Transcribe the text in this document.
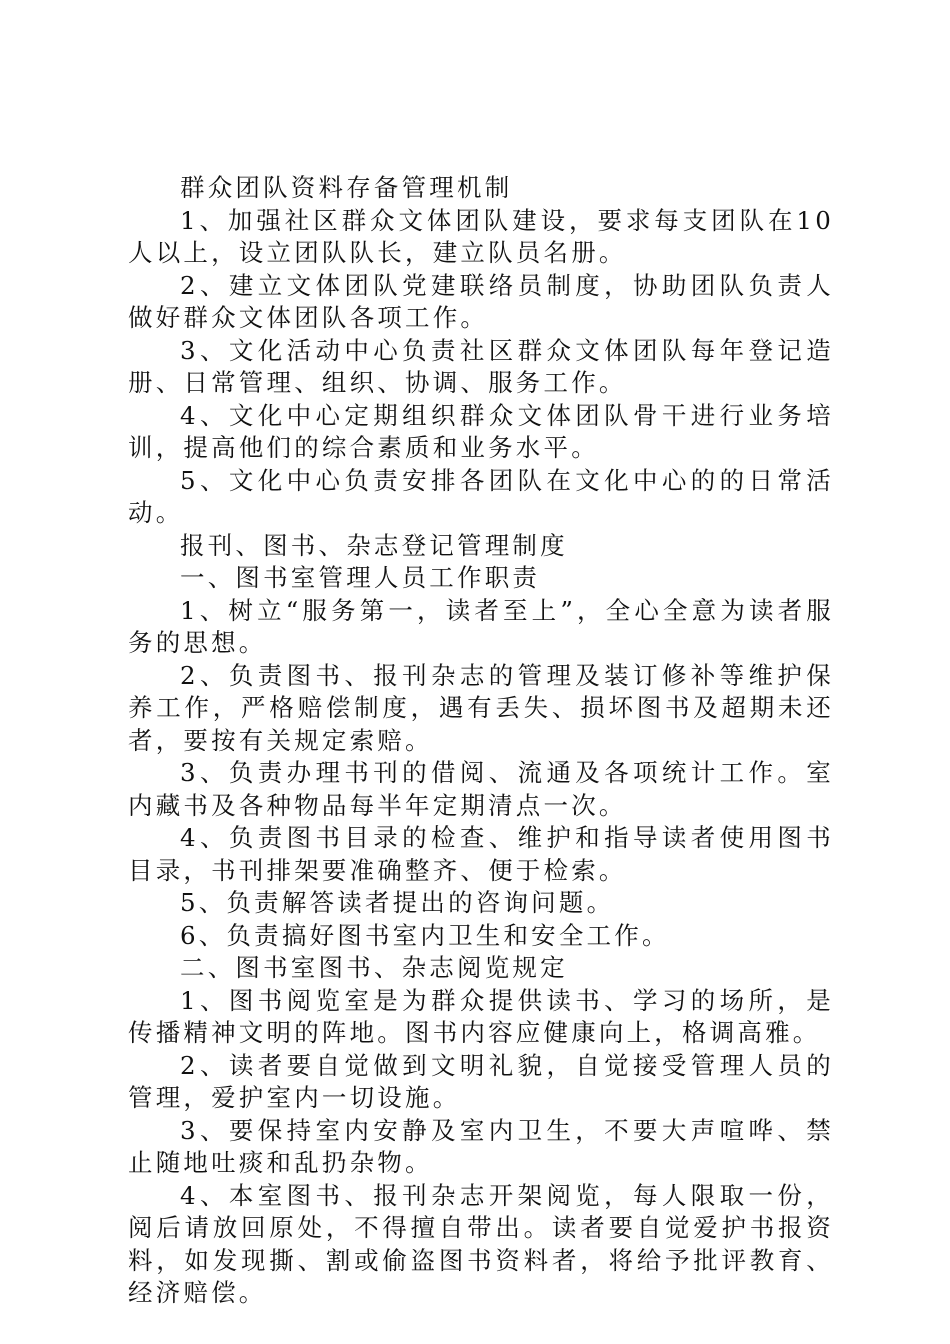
群众团队资料存备管理机制

1、加强社区群众文体团队建设，要求每支团队在10人以上，设立团队队长，建立队员名册。

2、建立文体团队党建联络员制度，协助团队负责人做好群众文体团队各项工作。

3、文化活动中心负责社区群众文体团队每年登记造册、日常管理、组织、协调、服务工作。

4、文化中心定期组织群众文体团队骨干进行业务培训，提高他们的综合素质和业务水平。

5、文化中心负责安排各团队在文化中心的的日常活动。

报刊、图书、杂志登记管理制度

一、图书室管理人员工作职责

1、树立“服务第一，读者至上”，全心全意为读者服务的思想。

2、负责图书、报刊杂志的管理及装订修补等维护保养工作，严格赔偿制度，遇有丢失、损坏图书及超期未还者，要按有关规定索赔。

3、负责办理书刊的借阅、流通及各项统计工作。室内藏书及各种物品每半年定期清点一次。

4、负责图书目录的检查、维护和指导读者使用图书目录，书刊排架要准确整齐、便于检索。

5、负责解答读者提出的咨询问题。

6、负责搞好图书室内卫生和安全工作。

二、图书室图书、杂志阅览规定

1、图书阅览室是为群众提供读书、学习的场所，是传播精神文明的阵地。图书内容应健康向上，格调高雅。

2、读者要自觉做到文明礼貌，自觉接受管理人员的管理，爱护室内一切设施。

3、要保持室内安静及室内卫生，不要大声喧哗、禁止随地吐痰和乱扔杂物。

4、本室图书、报刊杂志开架阅览，每人限取一份，阅后请放回原处，不得擅自带出。读者要自觉爱护书报资料，如发现撕、割或偷盗图书资料者，将给予批评教育、经济赔偿。
